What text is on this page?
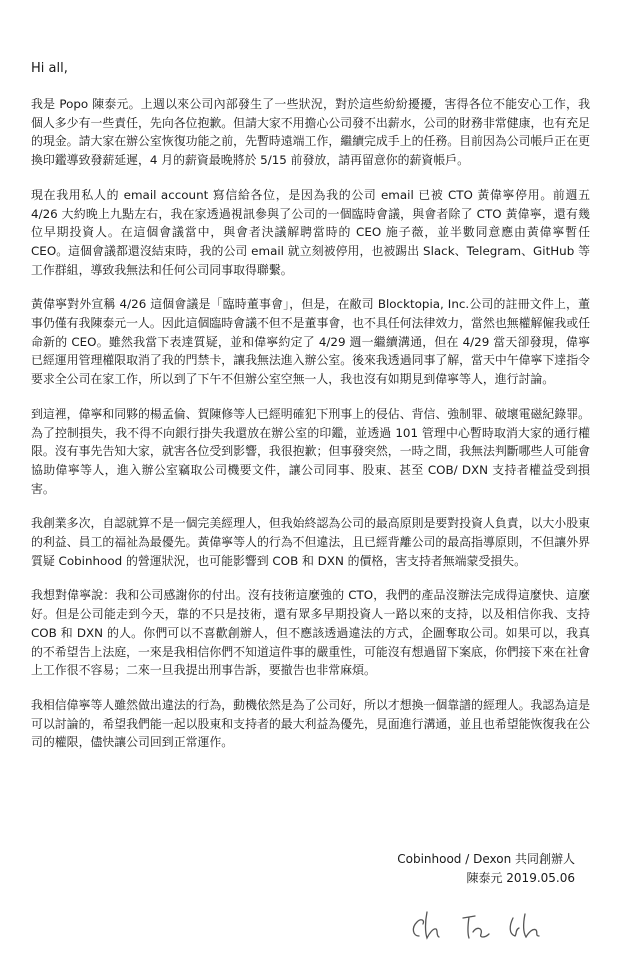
Hi all,

我是 Popo 陳泰元。上週以來公司內部發生了一些狀況，對於這些紛紛擾擾，害得各位不能安心工作，我個人多少有一些責任，先向各位抱歉。但請大家不用擔心公司發不出薪水，公司的財務非常健康，也有充足的現金。請大家在辦公室恢復功能之前，先暫時遠端工作，繼續完成手上的任務。目前因為公司帳戶正在更換印鑑導致發薪延遲，4 月的薪資最晚將於 5/15 前發放，請再留意你的薪資帳戶。

現在我用私人的 email account 寫信給各位，是因為我的公司 email 已被 CTO 黃偉寧停用。前週五 4/26 大約晚上九點左右，我在家透過視訊參與了公司的一個臨時會議，與會者除了 CTO 黃偉寧，還有幾位早期投資人。在這個會議當中，與會者決議解聘當時的 CEO 施子薇，並半數同意應由黃偉寧暫任 CEO。這個會議都還沒結束時，我的公司 email 就立刻被停用，也被踢出 Slack、Telegram、GitHub 等工作群組，導致我無法和任何公司同事取得聯繫。

黃偉寧對外宣稱 4/26 這個會議是「臨時董事會」，但是，在敝司 Blocktopia, Inc.公司的註冊文件上，董事仍僅有我陳泰元一人。因此這個臨時會議不但不是董事會，也不具任何法律效力，當然也無權解僱我或任命新的 CEO。雖然我當下表達質疑，並和偉寧約定了 4/29 週一繼續溝通，但在 4/29 當天卻發現，偉寧已經運用管理權限取消了我的門禁卡，讓我無法進入辦公室。後來我透過同事了解，當天中午偉寧下達指令要求全公司在家工作，所以到了下午不但辦公室空無一人，我也沒有如期見到偉寧等人，進行討論。

到這裡，偉寧和同夥的楊孟倫、賀陳修等人已經明確犯下刑事上的侵佔、背信、強制罪、破壞電磁紀錄罪。為了控制損失，我不得不向銀行掛失我還放在辦公室的印鑑，並透過 101 管理中心暫時取消大家的通行權限。沒有事先告知大家，就害各位受到影響，我很抱歉；但事發突然，一時之間，我無法判斷哪些人可能會協助偉寧等人，進入辦公室竊取公司機要文件，讓公司同事、股東、甚至 COB/ DXN 支持者權益受到損害。

我創業多次，自認就算不是一個完美經理人，但我始終認為公司的最高原則是要對投資人負責，以大小股東的利益、員工的福祉為最優先。黃偉寧等人的行為不但違法，且已經背離公司的最高指導原則，不但讓外界質疑 Cobinhood 的營運狀況，也可能影響到 COB 和 DXN 的價格，害支持者無端蒙受損失。

我想對偉寧說：我和公司感謝你的付出。沒有技術這麼強的 CTO，我們的產品沒辦法完成得這麼快、這麼好。但是公司能走到今天，靠的不只是技術，還有眾多早期投資人一路以來的支持，以及相信你我、支持 COB 和 DXN 的人。你們可以不喜歡創辦人，但不應該透過違法的方式，企圖奪取公司。如果可以，我真的不希望告上法庭，一來是我相信你們不知道這件事的嚴重性，可能沒有想過留下案底，你們接下來在社會上工作很不容易；二來一旦我提出刑事告訴，要撤告也非常麻煩。

我相信偉寧等人雖然做出違法的行為，動機依然是為了公司好，所以才想換一個靠譜的經理人。我認為這是可以討論的，希望我們能一起以股東和支持者的最大利益為優先，見面進行溝通，並且也希望能恢復我在公司的權限，儘快讓公司回到正常運作。

Cobinhood / Dexon 共同創辦人
陳泰元 2019.05.06
